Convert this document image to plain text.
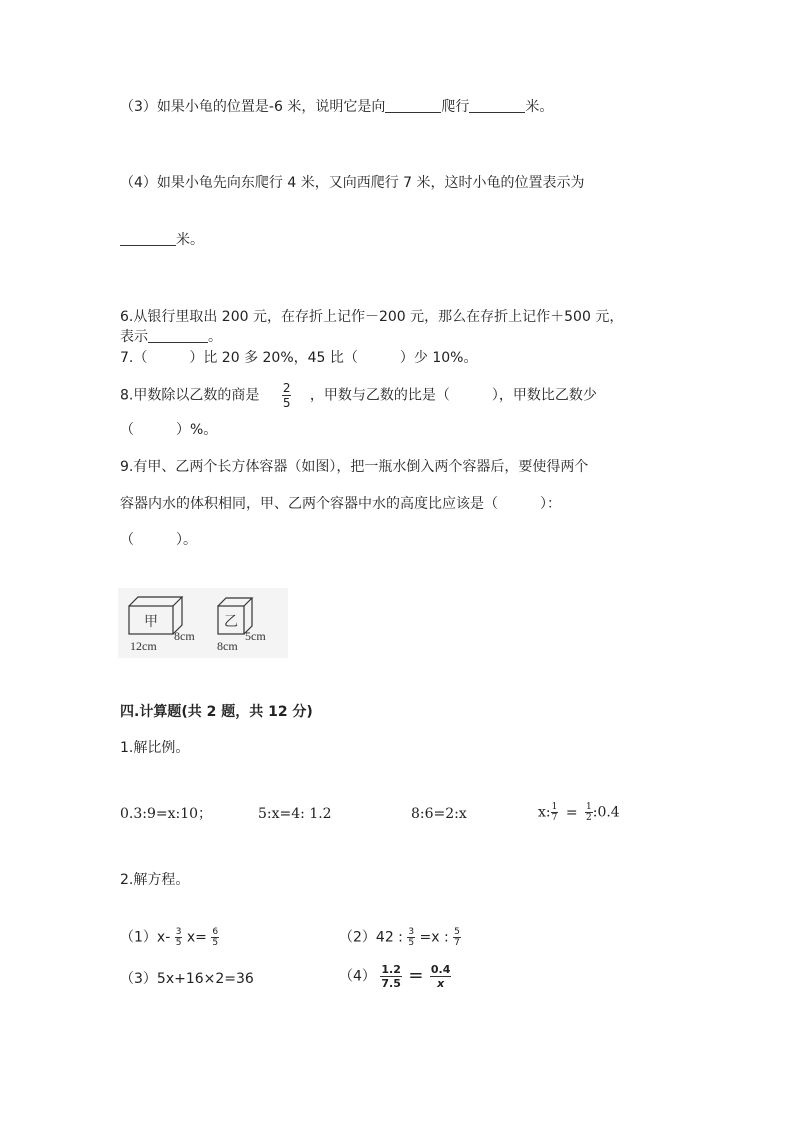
（3）如果小龟的位置是-6 米，说明它是向	爬行	米。
（4）如果小龟先向东爬行 4 米，又向西爬行 7 米，这时小龟的位置表示为
米。
6.从银行里取出 200 元，在存折上记作－200 元，那么在存折上记作＋500 元，
表示	。
7.（　　　）比 20 多 20%，45 比（　　　）少 10%。
8.甲数除以乙数的商是 $\frac{2}{5}$ ，甲数与乙数的比是（　　　），甲数比乙数少
（　　　）%。
9.有甲、乙两个长方体容器（如图），把一瓶水倒入两个容器后，要使得两个
容器内水的体积相同，甲、乙两个容器中水的高度比应该是（　　　）：
（　　　）。
甲
12cm
8cm
乙
8cm
5cm
四.计算题(共 2 题，共 12 分)
1.解比例。
0.3:9=x:10；	5:x=4: 1.2	8:6=2:x	x: $\frac{1}{7} = \frac{1}{2}$ :0.4
2.解方程。
$(1)x- \frac{3}{5} x= \frac{6}{5}$	（2）42 : $\frac{3}{5} =x$ : $\frac{5}{7}$
（3）5x+16×2=36	$(4) \frac{1.2}{7.5} = \frac{0.4}{x}$
